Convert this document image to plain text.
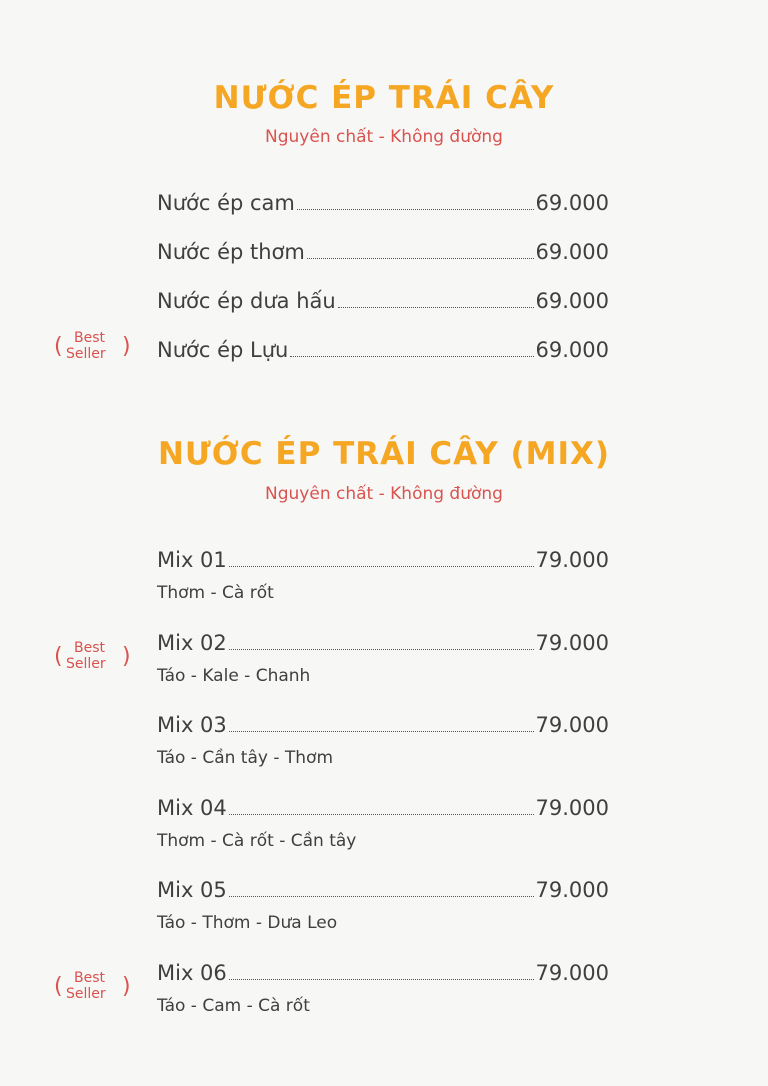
NƯỚC ÉP TRÁI CÂY
Nguyên chất - Không đường
Nước ép cam	69.000
Nước ép thơm	69.000
Nước ép dưa hấu	69.000
Nước ép Lựu	69.000
( Best
Seller )
NƯỚC ÉP TRÁI CÂY (MIX)
Nguyên chất - Không đường
Mix 01	79.000
Thơm - Cà rốt
Mix 02	79.000
Táo - Kale - Chanh
( Best
Seller )
Mix 03	79.000
Táo - Cần tây - Thơm
Mix 04	79.000
Thơm - Cà rốt - Cần tây
Mix 05	79.000
Táo - Thơm - Dưa Leo
Mix 06	79.000
Táo - Cam - Cà rốt
( Best
Seller )
